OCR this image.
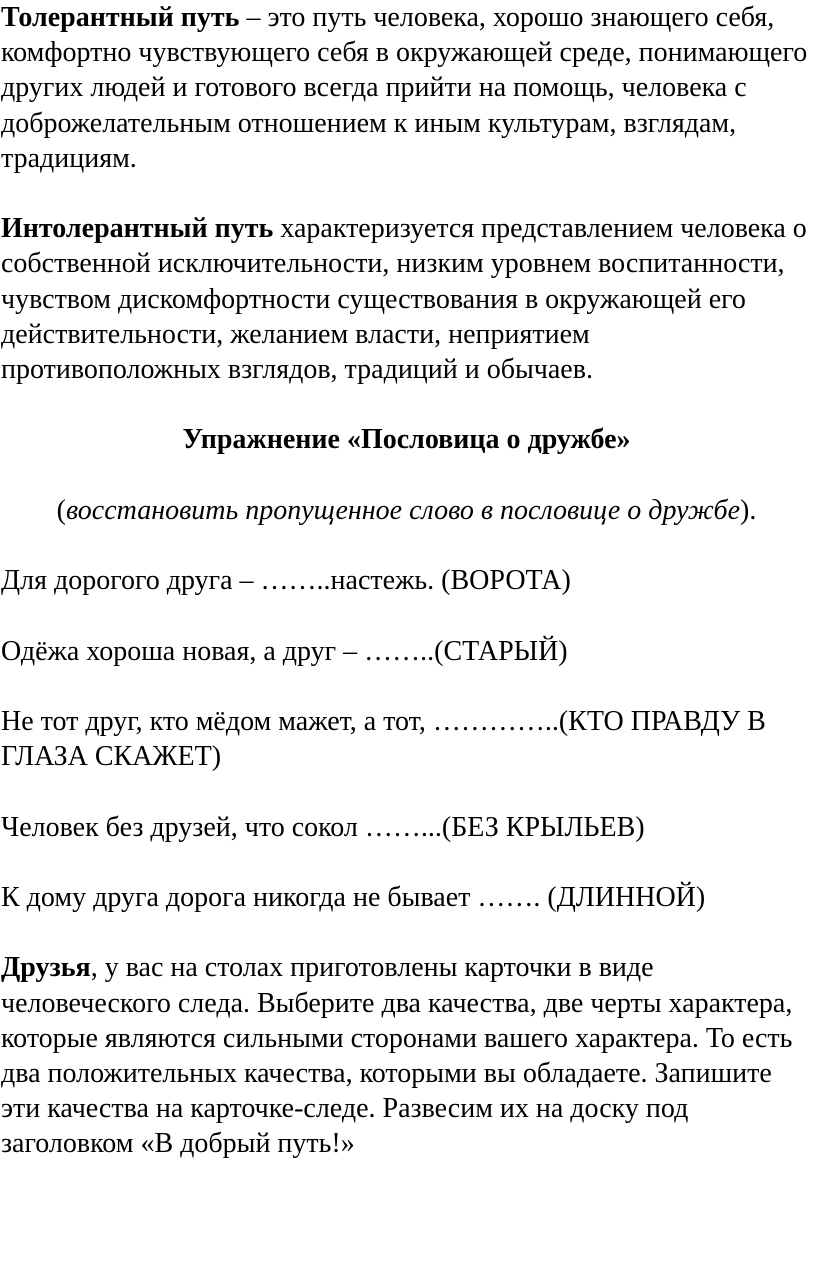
Толерантный путь – это путь человека, хорошо знающего себя, комфортно чувствующего себя в окружающей среде, понимающего других людей и готового всегда прийти на помощь, человека с доброжелательным отношением к иным культурам, взглядам, традициям.

Интолерантный путь характеризуется представлением человека о собственной исключительности, низким уровнем воспитанности, чувством дискомфортности существования в окружающей его действительности, желанием власти, неприятием противоположных взглядов, традиций и обычаев.

Упражнение «Пословица о дружбе»

(восстановить пропущенное слово в пословице о дружбе).

Для дорогого друга – ……..настежь. (ВОРОТА)

Одёжа хороша новая, а друг – ……..(СТАРЫЙ)

Не тот друг, кто мёдом мажет, а тот, …………..(КТО ПРАВДУ В ГЛАЗА СКАЖЕТ)

Человек без друзей, что сокол ……...(БЕЗ КРЫЛЬЕВ)

К дому друга дорога никогда не бывает ……. (ДЛИННОЙ)

Друзья, у вас на столах приготовлены карточки в виде человеческого следа. Выберите два качества, две черты характера, которые являются сильными сторонами вашего характера. То есть два положительных качества, которыми вы обладаете. Запишите эти качества на карточке-следе. Развесим их на доску под заголовком «В добрый путь!»
